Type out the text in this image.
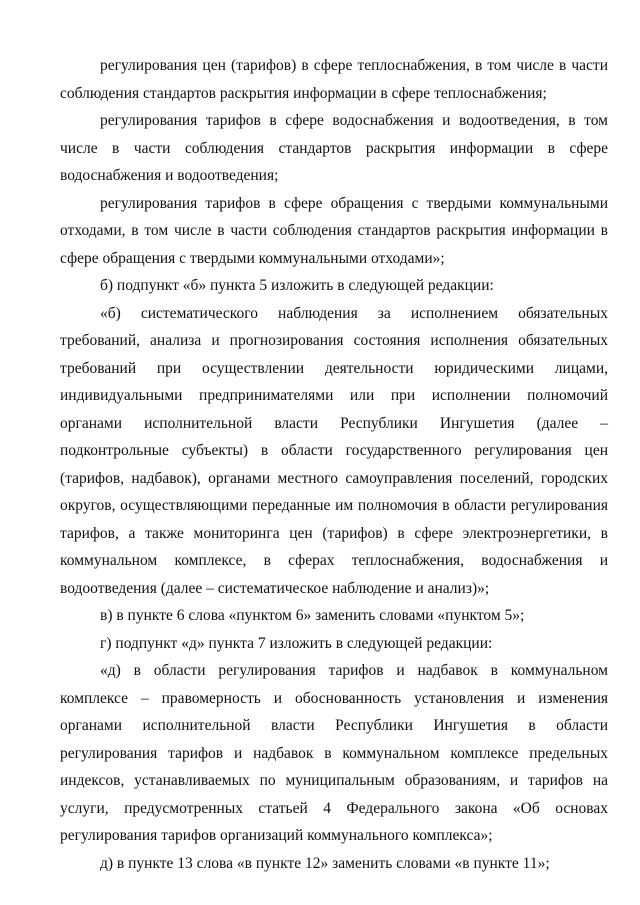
регулирования цен (тарифов) в сфере теплоснабжения, в том числе в части соблюдения стандартов раскрытия информации в сфере теплоснабжения;

регулирования тарифов в сфере водоснабжения и водоотведения, в том числе в части соблюдения стандартов раскрытия информации в сфере водоснабжения и водоотведения;

регулирования тарифов в сфере обращения с твердыми коммунальными отходами, в том числе в части соблюдения стандартов раскрытия информации в сфере обращения с твердыми коммунальными отходами»;

б) подпункт «б» пункта 5 изложить в следующей редакции:

«б) систематического наблюдения за исполнением обязательных требований, анализа и прогнозирования состояния исполнения обязательных требований при осуществлении деятельности юридическими лицами, индивидуальными предпринимателями или при исполнении полномочий органами исполнительной власти Республики Ингушетия (далее – подконтрольные субъекты) в области государственного регулирования цен (тарифов, надбавок), органами местного самоуправления поселений, городских округов, осуществляющими переданные им полномочия в области регулирования тарифов, а также мониторинга цен (тарифов) в сфере электроэнергетики, в коммунальном комплексе, в сферах теплоснабжения, водоснабжения и водоотведения (далее – систематическое наблюдение и анализ)»;

в) в пункте 6 слова «пунктом 6» заменить словами «пунктом 5»;

г) подпункт «д» пункта 7 изложить в следующей редакции:

«д) в области регулирования тарифов и надбавок в коммунальном комплексе – правомерность и обоснованность установления и изменения органами исполнительной власти Республики Ингушетия в области регулирования тарифов и надбавок в коммунальном комплексе предельных индексов, устанавливаемых по муниципальным образованиям, и тарифов на услуги, предусмотренных статьей 4 Федерального закона «Об основах регулирования тарифов организаций коммунального комплекса»;

д) в пункте 13 слова «в пункте 12» заменить словами «в пункте 11»;
